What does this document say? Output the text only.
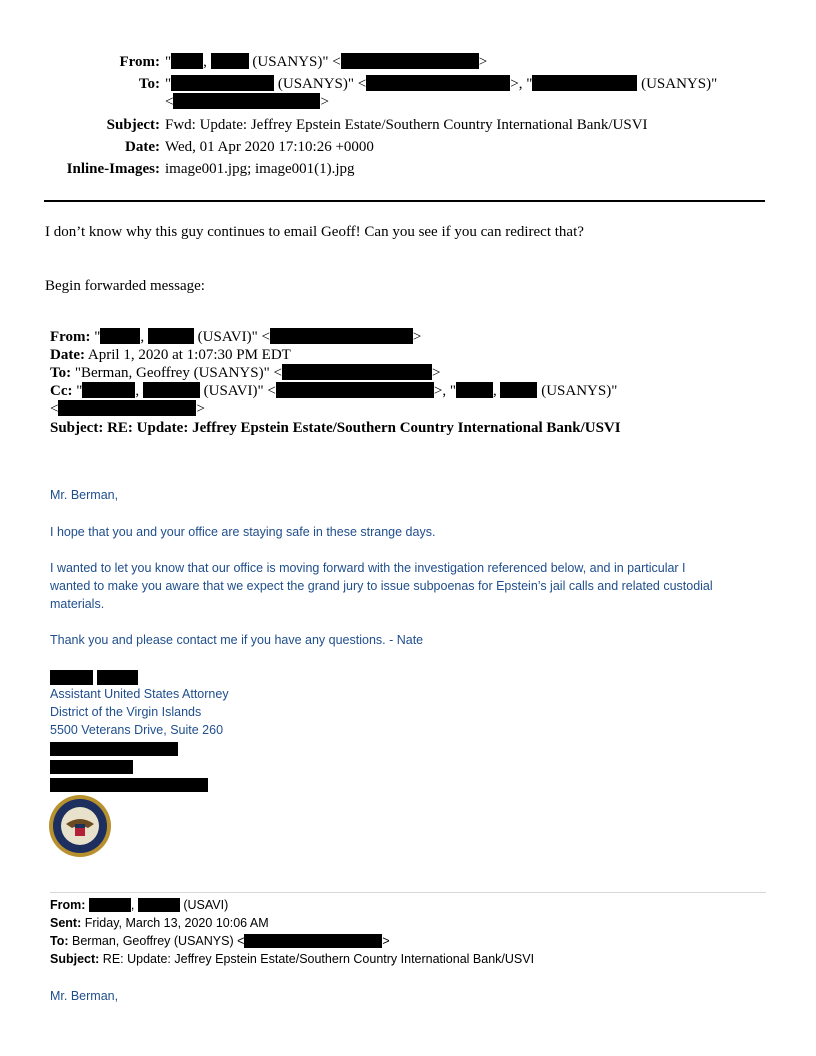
From: " ,	(USANYS)" <	>
To: "	(USANYS)" <	>, "	(USANYS)"
<	>
Subject: Fwd: Update: Jeffrey Epstein Estate/Southern Country International Bank/USVI
Date: Wed, 01 Apr 2020 17:10:26 +0000
Inline-Images: image001.jpg; image001(1).jpg
I don’t know why this guy continues to email Geoff! Can you see if you can redirect that?
Begin forwarded message:
From: "	,	(USAVI)" <	>
Date: April 1, 2020 at 1:07:30 PM EDT
To: "Berman, Geoffrey (USANYS)" <	>
Cc: "	,	(USAVI)" <	>, " ,	(USANYS)"
<	>
Subject: RE: Update: Jeffrey Epstein Estate/Southern Country International Bank/USVI
Mr. Berman,
I hope that you and your office are staying safe in these strange days.
I wanted to let you know that our office is moving forward with the investigation referenced below, and in particular I
wanted to make you aware that we expect the grand jury to issue subpoenas for Epstein’s jail calls and related custodial
materials.
Thank you and please contact me if you have any questions. - Nate
Assistant United States Attorney
District of the Virgin Islands
5500 Veterans Drive, Suite 260
From:	,	(USAVI)
Sent: Friday, March 13, 2020 10:06 AM
To: Berman, Geoffrey (USANYS) <	>
Subject: RE: Update: Jeffrey Epstein Estate/Southern Country International Bank/USVI
Mr. Berman,
